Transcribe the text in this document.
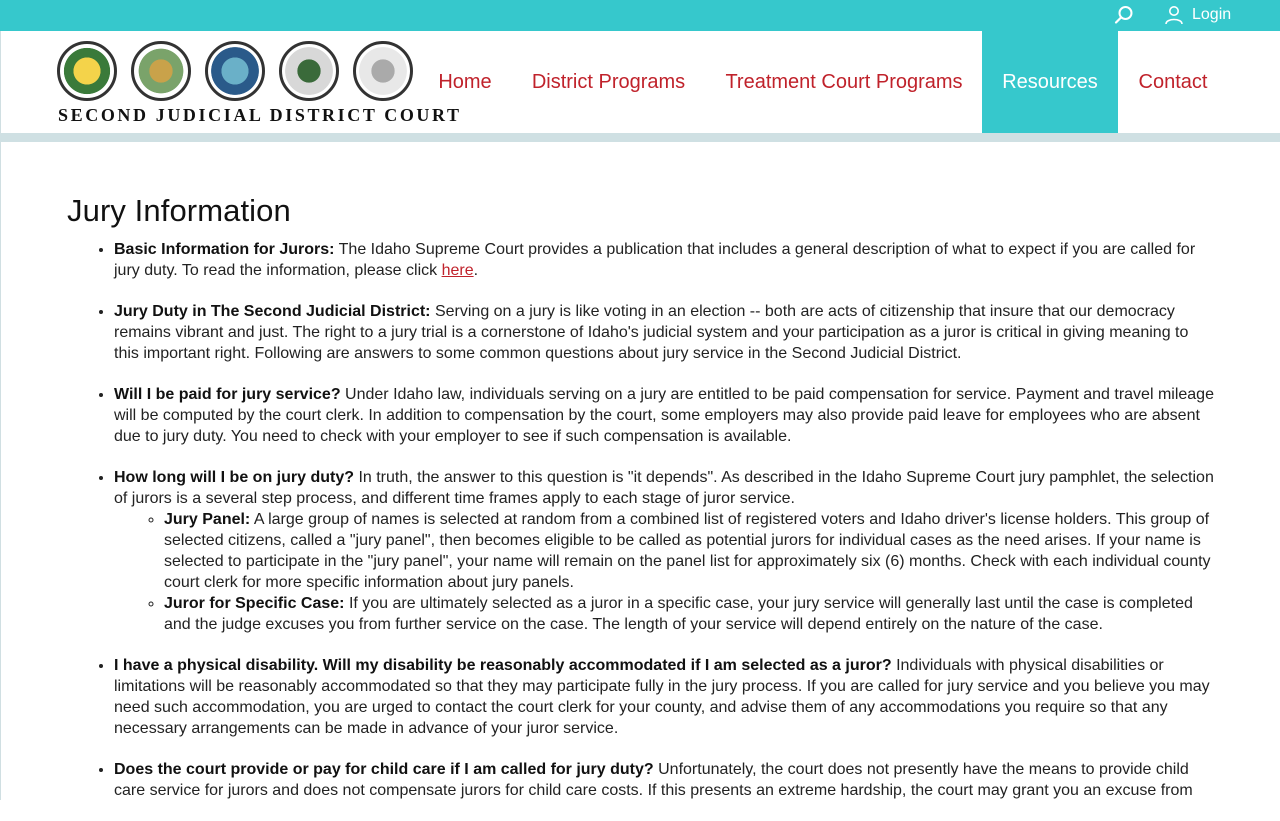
Login
SECOND JUDICIAL DISTRICT COURT
Home	District Programs	Treatment Court Programs	Resources	Contact
Jury Information
• Basic Information for Jurors: The Idaho Supreme Court provides a publication that includes a general description of what to expect if you are called for jury duty. To read the information, please click here.
• Jury Duty in The Second Judicial District: Serving on a jury is like voting in an election -- both are acts of citizenship that insure that our democracy remains vibrant and just. The right to a jury trial is a cornerstone of Idaho's judicial system and your participation as a juror is critical in giving meaning to this important right. Following are answers to some common questions about jury service in the Second Judicial District.
• Will I be paid for jury service? Under Idaho law, individuals serving on a jury are entitled to be paid compensation for service. Payment and travel mileage will be computed by the court clerk. In addition to compensation by the court, some employers may also provide paid leave for employees who are absent due to jury duty. You need to check with your employer to see if such compensation is available.
• How long will I be on jury duty? In truth, the answer to this question is "it depends". As described in the Idaho Supreme Court jury pamphlet, the selection of jurors is a several step process, and different time frames apply to each stage of juror service.
◦ Jury Panel: A large group of names is selected at random from a combined list of registered voters and Idaho driver's license holders. This group of selected citizens, called a "jury panel", then becomes eligible to be called as potential jurors for individual cases as the need arises. If your name is selected to participate in the "jury panel", your name will remain on the panel list for approximately six (6) months. Check with each individual county court clerk for more specific information about jury panels.
◦ Juror for Specific Case: If you are ultimately selected as a juror in a specific case, your jury service will generally last until the case is completed and the judge excuses you from further service on the case. The length of your service will depend entirely on the nature of the case.
• I have a physical disability. Will my disability be reasonably accommodated if I am selected as a juror? Individuals with physical disabilities or limitations will be reasonably accommodated so that they may participate fully in the jury process. If you are called for jury service and you believe you may need such accommodation, you are urged to contact the court clerk for your county, and advise them of any accommodations you require so that any necessary arrangements can be made in advance of your juror service.
• Does the court provide or pay for child care if I am called for jury duty? Unfortunately, the court does not presently have the means to provide child care service for jurors and does not compensate jurors for child care costs. If this presents an extreme hardship, the court may grant you an excuse from
